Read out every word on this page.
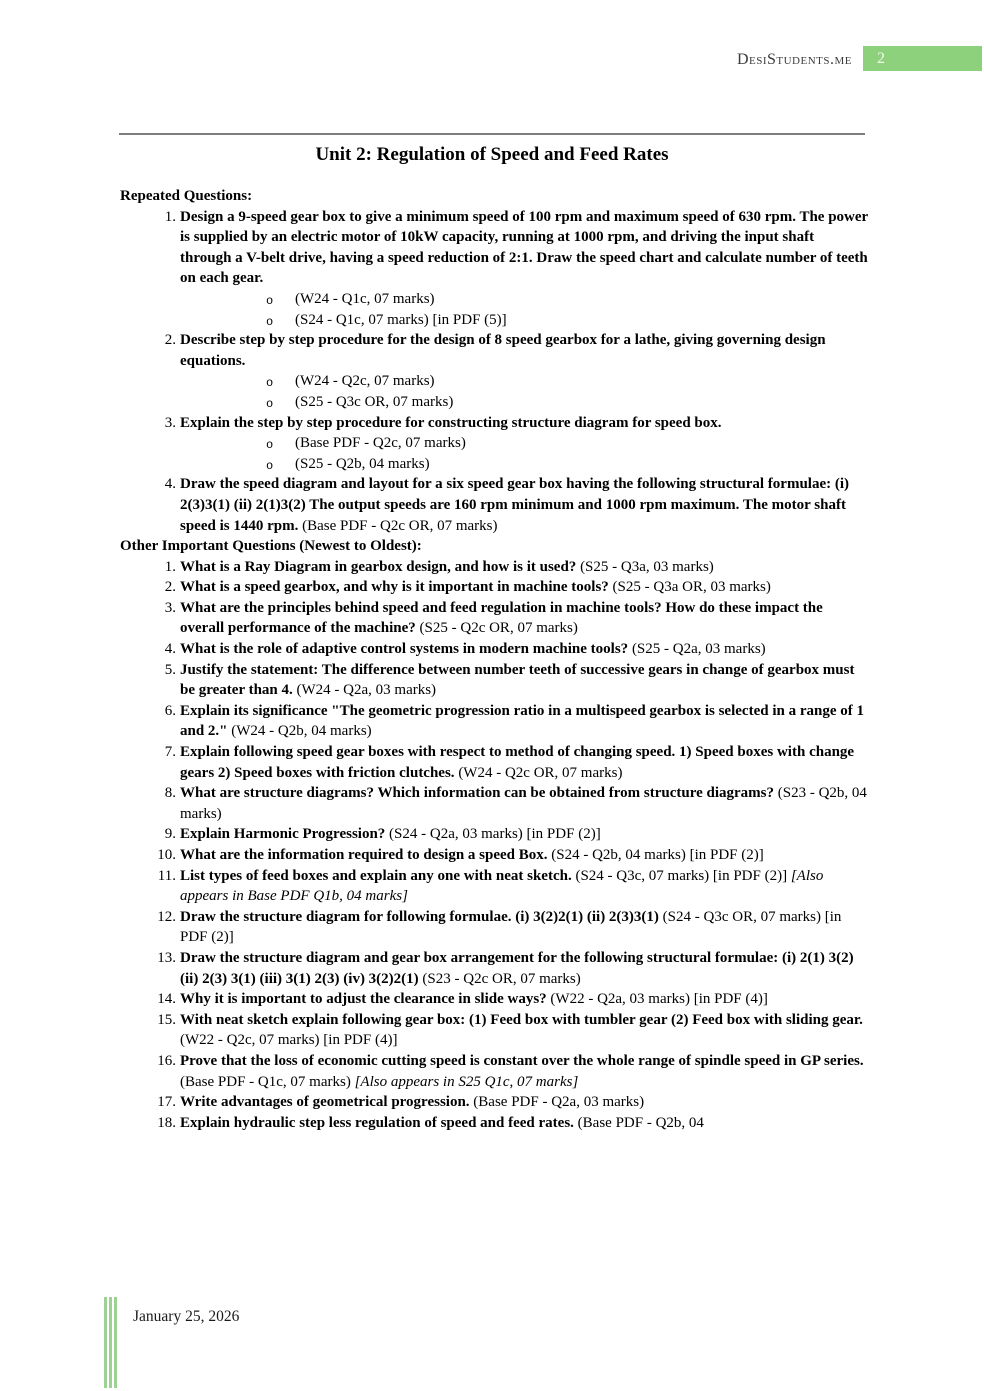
DesiStudents.me	2
Unit 2: Regulation of Speed and Feed Rates
Repeated Questions:
1. Design a 9-speed gear box to give a minimum speed of 100 rpm and maximum speed of 630 rpm. The power is supplied by an electric motor of 10kW capacity, running at 1000 rpm, and driving the input shaft through a V-belt drive, having a speed reduction of 2:1. Draw the speed chart and calculate number of teeth on each gear.
o (W24 - Q1c, 07 marks)
o (S24 - Q1c, 07 marks) [in PDF (5)]
2. Describe step by step procedure for the design of 8 speed gearbox for a lathe, giving governing design equations.
o (W24 - Q2c, 07 marks)
o (S25 - Q3c OR, 07 marks)
3. Explain the step by step procedure for constructing structure diagram for speed box.
o (Base PDF - Q2c, 07 marks)
o (S25 - Q2b, 04 marks)
4. Draw the speed diagram and layout for a six speed gear box having the following structural formulae: (i) 2(3)3(1) (ii) 2(1)3(2) The output speeds are 160 rpm minimum and 1000 rpm maximum. The motor shaft speed is 1440 rpm. (Base PDF - Q2c OR, 07 marks)
Other Important Questions (Newest to Oldest):
1. What is a Ray Diagram in gearbox design, and how is it used? (S25 - Q3a, 03 marks)
2. What is a speed gearbox, and why is it important in machine tools? (S25 - Q3a OR, 03 marks)
3. What are the principles behind speed and feed regulation in machine tools? How do these impact the overall performance of the machine? (S25 - Q2c OR, 07 marks)
4. What is the role of adaptive control systems in modern machine tools? (S25 - Q2a, 03 marks)
5. Justify the statement: The difference between number teeth of successive gears in change of gearbox must be greater than 4. (W24 - Q2a, 03 marks)
6. Explain its significance "The geometric progression ratio in a multispeed gearbox is selected in a range of 1 and 2." (W24 - Q2b, 04 marks)
7. Explain following speed gear boxes with respect to method of changing speed. 1) Speed boxes with change gears 2) Speed boxes with friction clutches. (W24 - Q2c OR, 07 marks)
8. What are structure diagrams? Which information can be obtained from structure diagrams? (S23 - Q2b, 04 marks)
9. Explain Harmonic Progression? (S24 - Q2a, 03 marks) [in PDF (2)]
10. What are the information required to design a speed Box. (S24 - Q2b, 04 marks) [in PDF (2)]
11. List types of feed boxes and explain any one with neat sketch. (S24 - Q3c, 07 marks) [in PDF (2)] [Also appears in Base PDF Q1b, 04 marks]
12. Draw the structure diagram for following formulae. (i) 3(2)2(1) (ii) 2(3)3(1) (S24 - Q3c OR, 07 marks) [in PDF (2)]
13. Draw the structure diagram and gear box arrangement for the following structural formulae: (i) 2(1) 3(2) (ii) 2(3) 3(1) (iii) 3(1) 2(3) (iv) 3(2)2(1) (S23 - Q2c OR, 07 marks)
14. Why it is important to adjust the clearance in slide ways? (W22 - Q2a, 03 marks) [in PDF (4)]
15. With neat sketch explain following gear box: (1) Feed box with tumbler gear (2) Feed box with sliding gear. (W22 - Q2c, 07 marks) [in PDF (4)]
16. Prove that the loss of economic cutting speed is constant over the whole range of spindle speed in GP series. (Base PDF - Q1c, 07 marks) [Also appears in S25 Q1c, 07 marks]
17. Write advantages of geometrical progression. (Base PDF - Q2a, 03 marks)
18. Explain hydraulic step less regulation of speed and feed rates. (Base PDF - Q2b, 04
January 25, 2026
